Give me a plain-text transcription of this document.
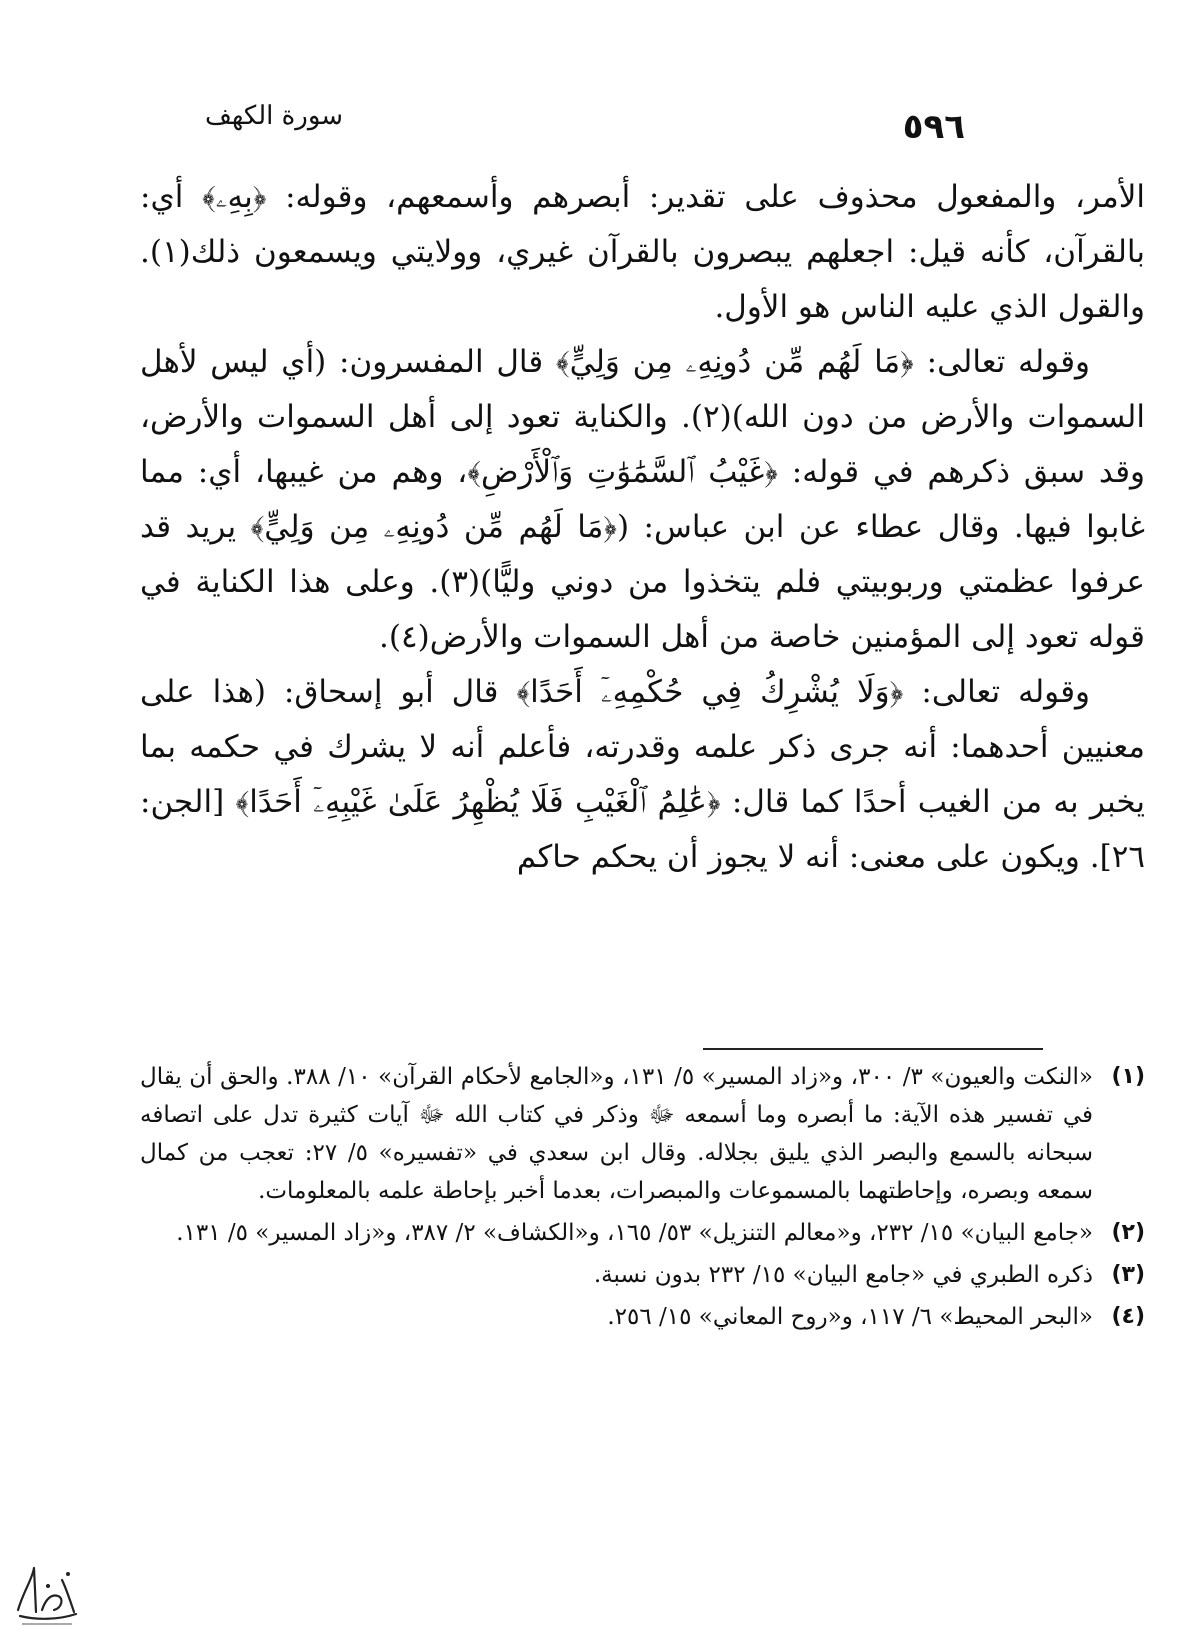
سورة الكهف	٥٩٦

الأمر، والمفعول محذوف على تقدير: أبصرهم وأسمعهم، وقوله: ﴿بِهِۦ﴾ أي: بالقرآن، كأنه قيل: اجعلهم يبصرون بالقرآن غيري، وولايتي ويسمعون ذلك(١). والقول الذي عليه الناس هو الأول.

وقوله تعالى: ﴿مَا لَهُم مِّن دُونِهِۦ مِن وَلِيٍّ﴾ قال المفسرون: (أي ليس لأهل السموات والأرض من دون الله)(٢). والكناية تعود إلى أهل السموات والأرض، وقد سبق ذكرهم في قوله: ﴿غَيْبُ ٱلسَّمَٰوَٰتِ وَٱلْأَرْضِ﴾، وهم من غيبها، أي: مما غابوا فيها. وقال عطاء عن ابن عباس: (﴿مَا لَهُم مِّن دُونِهِۦ مِن وَلِيٍّ﴾ يريد قد عرفوا عظمتي وربوبيتي فلم يتخذوا من دوني وليًّا)(٣). وعلى هذا الكناية في قوله تعود إلى المؤمنين خاصة من أهل السموات والأرض(٤).

وقوله تعالى: ﴿وَلَا يُشْرِكُ فِي حُكْمِهِۦٓ أَحَدًا﴾ قال أبو إسحاق: (هذا على معنيين أحدهما: أنه جرى ذكر علمه وقدرته، فأعلم أنه لا يشرك في حكمه بما يخبر به من الغيب أحدًا كما قال: ﴿عَٰلِمُ ٱلْغَيْبِ فَلَا يُظْهِرُ عَلَىٰ غَيْبِهِۦٓ أَحَدًا﴾ [الجن: ٢٦]. ويكون على معنى: أنه لا يجوز أن يحكم حاكم

(١)
«النكت والعيون» ٣/ ٣٠٠، و«زاد المسير» ٥/ ١٣١، و«الجامع لأحكام القرآن» ١٠/ ٣٨٨. والحق أن يقال في تفسير هذه الآية: ما أبصره وما أسمعه ﷻ وذكر في كتاب الله ﷻ آيات كثيرة تدل على اتصافه سبحانه بالسمع والبصر الذي يليق بجلاله. وقال ابن سعدي في «تفسيره» ٥/ ٢٧: تعجب من كمال سمعه وبصره، وإحاطتهما بالمسموعات والمبصرات، بعدما أخبر بإحاطة علمه بالمعلومات.
(٢)
«جامع البيان» ١٥/ ٢٣٢، و«معالم التنزيل» ٥٣/ ١٦٥، و«الكشاف» ٢/ ٣٨٧، و«زاد المسير» ٥/ ١٣١.
(٣)
ذكره الطبري في «جامع البيان» ١٥/ ٢٣٢ بدون نسبة.
(٤)
«البحر المحيط» ٦/ ١١٧، و«روح المعاني» ١٥/ ٢٥٦.
